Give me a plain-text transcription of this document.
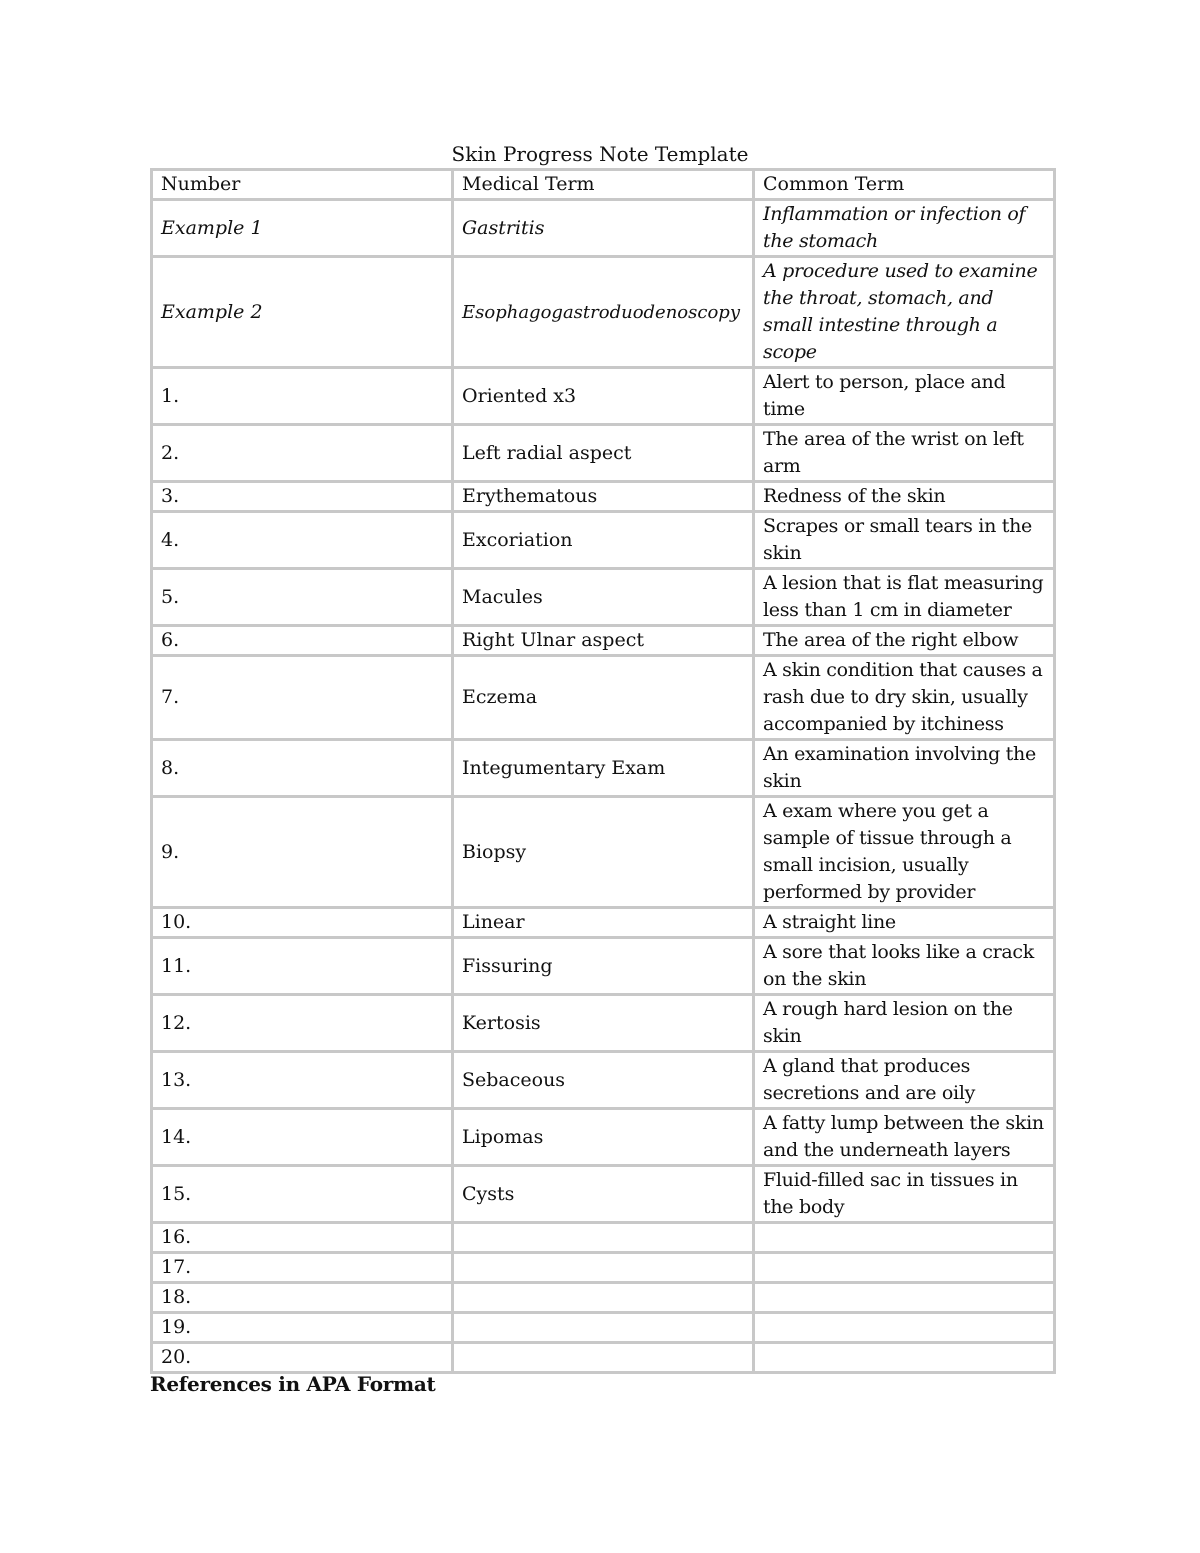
Skin Progress Note Template
Number	Medical Term	Common Term
Example 1	Gastritis	Inflammation or infection of the stomach
Example 2	Esophagogastroduodenoscopy	A procedure used to examine the throat, stomach, and small intestine through a scope
1.	Oriented x3	Alert to person, place and time
2.	Left radial aspect	The area of the wrist on left arm
3.	Erythematous	Redness of the skin
4.	Excoriation	Scrapes or small tears in the skin
5.	Macules	A lesion that is flat measuring less than 1 cm in diameter
6.	Right Ulnar aspect	The area of the right elbow
7.	Eczema	A skin condition that causes a rash due to dry skin, usually accompanied by itchiness
8.	Integumentary Exam	An examination involving the skin
9.	Biopsy	A exam where you get a sample of tissue through a small incision, usually performed by provider
10.	Linear	A straight line
11.	Fissuring	A sore that looks like a crack on the skin
12.	Kertosis	A rough hard lesion on the skin
13.	Sebaceous	A gland that produces secretions and are oily
14.	Lipomas	A fatty lump between the skin and the underneath layers
15.	Cysts	Fluid-filled sac in tissues in the body
16.		
17.		
18.		
19.		
20.		
References in APA Format
